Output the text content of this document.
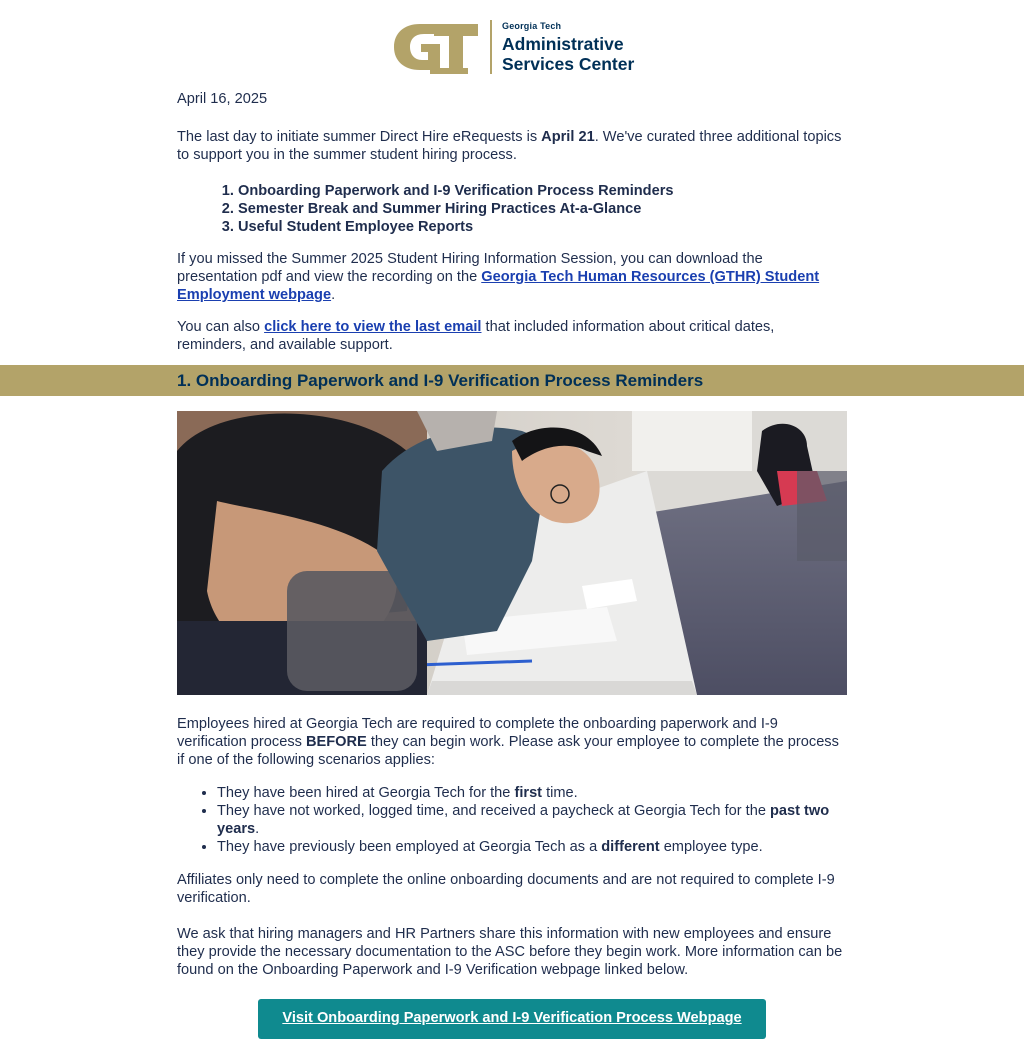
Georgia Tech
Administrative
Services Center

April 16, 2025

The last day to initiate summer Direct Hire eRequests is April 21. We've curated three additional topics to support you in the summer student hiring process.

1. Onboarding Paperwork and I-9 Verification Process Reminders
2. Semester Break and Summer Hiring Practices At-a-Glance
3. Useful Student Employee Reports

If you missed the Summer 2025 Student Hiring Information Session, you can download the presentation pdf and view the recording on the Georgia Tech Human Resources (GTHR) Student Employment webpage.

You can also click here to view the last email that included information about critical dates, reminders, and available support.

1. Onboarding Paperwork and I-9 Verification Process Reminders

Employees hired at Georgia Tech are required to complete the onboarding paperwork and I-9 verification process BEFORE they can begin work. Please ask your employee to complete the process if one of the following scenarios applies:

• They have been hired at Georgia Tech for the first time.
• They have not worked, logged time, and received a paycheck at Georgia Tech for the past two years.
• They have previously been employed at Georgia Tech as a different employee type.

Affiliates only need to complete the online onboarding documents and are not required to complete I-9 verification.

We ask that hiring managers and HR Partners share this information with new employees and ensure they provide the necessary documentation to the ASC before they begin work. More information can be found on the Onboarding Paperwork and I-9 Verification webpage linked below.

Visit Onboarding Paperwork and I-9 Verification Process Webpage
